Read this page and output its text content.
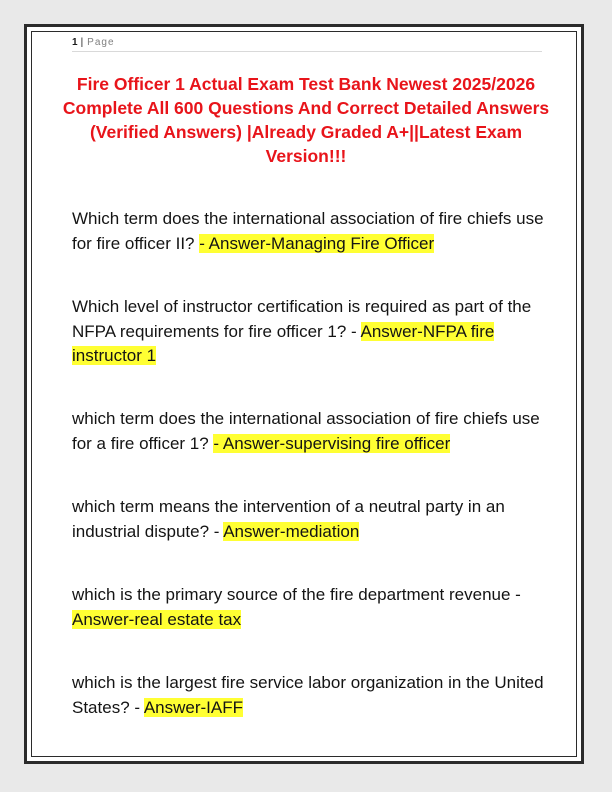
1 | Page
Fire Officer 1 Actual Exam Test Bank Newest 2025/2026 Complete All 600 Questions And Correct Detailed Answers (Verified Answers) |Already Graded A+||Latest Exam Version!!!
Which term does the international association of fire chiefs use for fire officer II? - Answer-Managing Fire Officer
Which level of instructor certification is required as part of the NFPA requirements for fire officer 1? - Answer-NFPA fire instructor 1
which term does the international association of fire chiefs use for a fire officer 1? - Answer-supervising fire officer
which term means the intervention of a neutral party in an industrial dispute? - Answer-mediation
which is the primary source of the fire department revenue - Answer-real estate tax
which is the largest fire service labor organization in the United States? - Answer-IAFF
